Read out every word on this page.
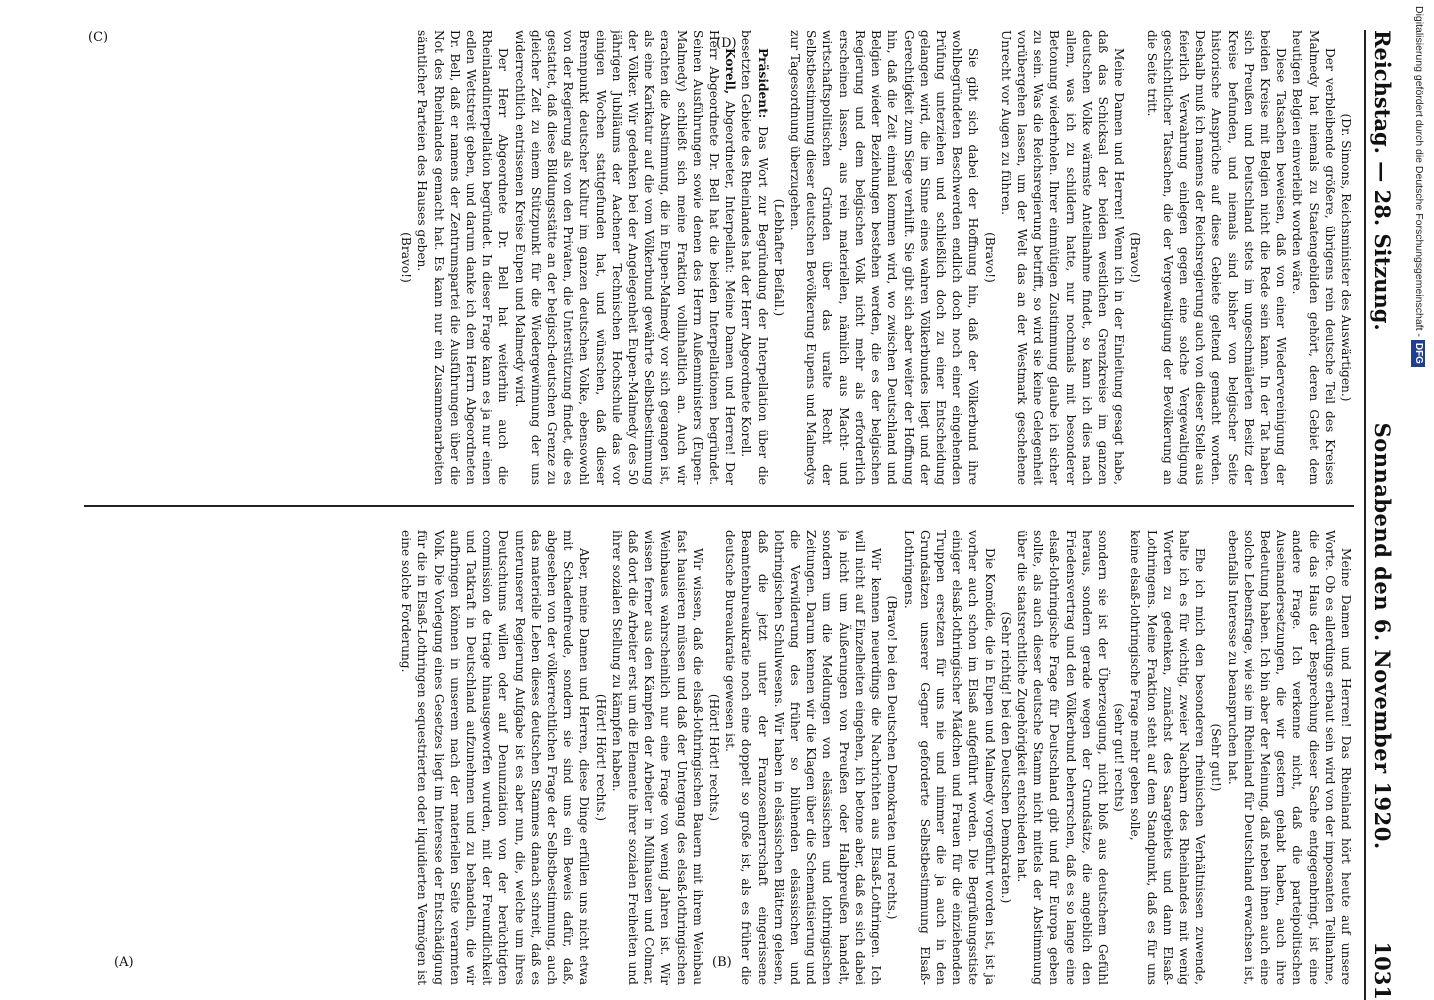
Reichstag. — 28. Sitzung.
Sonnabend den 6. November 1920.
1031

(Dr. Simons, Reichsminister des Auswärtigen.)

Der verbleibende größere, übrigens rein deutsche Teil des Kreises Malmedy hat niemals zu Staatengebilden gehört, deren Gebiet dem heutigen Belgien einverleibt worden wäre.

Diese Tatsachen beweisen, daß von einer Wiedervereinigung der beiden Kreise mit Belgien nicht die Rede sein kann. In der Tat haben sich Preußen und Deutschland stets im ungeschmälerten Besitz der Kreise befunden, und niemals sind bisher von belgischer Seite historische Ansprüche auf diese Gebiete geltend gemacht worden. Deshalb muß ich namens der Reichsregierung auch von dieser Stelle aus feierlich Verwahrung einlegen gegen eine solche Vergewaltigung geschichtlicher Tatsachen, die der Vergewaltigung der Bevölkerung an die Seite tritt.

(Bravo!)

Meine Damen und Herren! Wenn ich in der Einleitung gesagt habe, daß das Schicksal der beiden westlichen Grenzkreise im ganzen deutschen Volke wärmste Anteilnahme findet, so kann ich dies nach allem, was ich zu schildern hatte, nur nochmals mit besonderer Betonung wiederholen. Ihrer einmütigen Zustimmung glaube ich sicher zu sein. Was die Reichsregierung betrifft, so wird sie keine Gelegenheit vorübergehen lassen, um der Welt das an der Westmark geschehene Unrecht vor Augen zu führen.

(Bravo!)

Sie gibt sich dabei der Hoffnung hin, daß der Völkerbund ihre wohlbegründeten Beschwerden endlich doch noch einer eingehenden Prüfung unterziehen und schließlich doch zu einer Entscheidung gelangen wird, die im Sinne eines wahren Völkerbundes liegt und der Gerechtigkeit zum Siege verhilft. Sie gibt sich aber weiter der Hoffnung hin, daß die Zeit einmal kommen wird, wo zwischen Deutschland und Belgien wieder Beziehungen bestehen werden, die es der belgischen Regierung und dem belgischen Volk nicht mehr als erforderlich erscheinen lassen, aus rein materiellen, nämlich aus Macht- und wirtschaftspolitischen Gründen über das uralte Recht der Selbstbestimmung dieser deutschen Bevölkerung Eupens und Malmedys zur Tagesordnung überzugehen.

(Lebhafter Beifall.)

Präsident: Das Wort zur Begründung der Interpellation über die besetzten Gebiete des Rheinlandes hat der Herr Abgeordnete Korell.

Korell, Abgeordneter, Interpellant: Meine Damen und Herren! Der Herr Abgeordnete Dr. Bell hat die beiden Interpellationen begründet. Seinen Ausführungen sowie denen des Herrn Außenministers (Eupen-Malmedy) schließt sich meine Fraktion vollinhaltlich an. Auch wir erachten die Abstimmung, die in Eupen-Malmedy vor sich gegangen ist, als eine Karikatur auf die vom Völkerbund gewährte Selbstbestimmung der Völker. Wir gedenken bei der Angelegenheit Eupen-Malmedy des 50 jährigen Jubiläums der Aachener Technischen Hochschule das vor einigen Wochen stattgefunden hat, und wünschen, daß dieser Brennpunkt deutscher Kultur im ganzen deutschen Volke, ebensowohl von der Regierung als von den Privaten, die Unterstützung findet, die es gestattet, daß diese Bildungsstätte an der belgisch-deutschen Grenze zu gleicher Zeit zu einem Stützpunkt für die Wiedergewinnung der uns widerrechtlich entrissenen Kreise Eupen und Malmedy wird.

Der Herr Abgeordnete Dr. Bell hat weiterhin auch die Rheinlandinterpellation begründet. In dieser Frage kann es ja nur einen edlen Wettstreit geben, und darum danke ich dem Herrn Abgeordneten Dr. Bell, daß er namens der Zentrumspartei die Ausführungen über die Not des Rheinlandes gemacht hat. Es kann nur ein Zusammenarbeiten sämtlicher Parteien des Hauses geben.

(Bravo!)

Meine Damen und Herren! Das Rheinland hört heute auf unsere Worte. Ob es allerdings erbaut sein wird von der imposanten Teilnahme, die das Haus der Besprechung dieser Sache entgegenbringt, ist eine andere Frage. Ich verkenne nicht, daß die parteipolitischen Auseinandersetzungen, die wir gestern gehabt haben, auch ihre Bedeutung haben. Ich bin aber der Meinung, daß neben ihnen auch eine solche Lebensfrage, wie sie im Rheinland für Deutschland erwachsen ist, ebenfalls Interesse zu beanspruchen hat.

(Sehr gut!)

Ehe ich mich den besonderen rheinischen Verhältnissen zuwende, halte ich es für wichtig, zweier Nachbarn des Rheinlandes mit wenig Worten zu gedenken, zunächst des Saargebiets und dann Elsaß-Lothringens. Meine Fraktion steht auf dem Standpunkt, daß es für uns keine elsaß-lothringische Frage mehr geben solle,

(sehr gut! rechts)

sondern sie ist der Überzeugung, nicht bloß aus deutschem Gefühl heraus, sondern gerade wegen der Grundsätze, die angeblich den Friedensvertrag und den Völkerbund beherrschen, daß es so lange eine elsaß-lothringische Frage für Deutschland gibt und für Europa geben sollte, als auch dieser deutsche Stamm nicht mittels der Abstimmung über die staatsrechtliche Zugehörigkeit entschieden hat.

(Sehr richtig! bei den Deutschen Demokraten.)

Die Komödie, die in Eupen und Malmedy vorgeführt worden ist, ist ja vorher auch schon im Elsaß aufgeführt worden. Die Begrüßungsstiste einiger elsaß-lothringischer Mädchen und Frauen für die einziehenden Truppen ersetzen für uns nie und nimmer die ja auch in den Grundsätzen unserer Gegner geforderte Selbstbestimmung Elsaß-Lothringens.

(Bravo! bei den Deutschen Demokraten und rechts.)

Wir kennen neuerdings die Nachrichten aus Elsaß-Lothringen. Ich will nicht auf Einzelheiten eingehen, ich betone aber, daß es sich dabei ja nicht um Äußerungen von Preußen oder Halbpreußen handelt, sondern um die Meldungen von elsässischen und lothringischen Zeitungen. Darum kennen wir die Klagen über die Schematisierung und die Verwilderung des früher so blühenden elsässischen und lothringischen Schulwesens. Wir haben in elsässischen Blättern gelesen, daß die jetzt unter der Franzosenherrschaft eingerissene Beamtenbureaukratie noch eine doppelt so große ist, als es früher die deutsche Bureaukratie gewesen ist.

(Hört! Hört! rechts.)

Wir wissen, daß die elsaß-lothringischen Bauern mit ihrem Weinbau fast hausieren müssen und daß der Untergang des elsaß-lothringischen Weinbaues wahrscheinlich nur eine Frage von wenig Jahren ist. Wir wissen ferner aus den Kämpfen der Arbeiter in Mülhausen und Colmar, daß dort die Arbeiter erst um die Elemente ihrer sozialen Freiheiten und ihrer sozialen Stellung zu kämpfen haben.

(Hört! Hört! rechts.)

Aber, meine Damen und Herren, diese Dinge erfüllen uns nicht etwa mit Schadenfreude, sondern sie sind uns ein Beweis dafür, daß, abgesehen von der völkerrechtlichen Frage der Selbstbestimmung, auch das materielle Leben dieses deutschen Stammes danach schreit, daß es unterunserer Regierung Aufgabe ist es aber nun, die, welche um ihres Deutschtums willen oder auf Denunziation von der berüchtigten commission de triage hinausgeworfen wurden, mit der Freundlichkeit und Tatkraft in Deutschland aufzunehmen und zu behandeln, die wir aufbringen können in unserem nach der materiellen Seite verarmten Volk. Die Vorlegung eines Gesetzes liegt im Interesse der Entschädigung für die in Elsaß-Lothringen sequestrierten oder liquidierten Vermögen ist eine solche Forderung.

(A)	(B)
(C)	(D)	Digitalisierung gefördert durch die Deutsche Forschungsgemeinschaft - DFG
